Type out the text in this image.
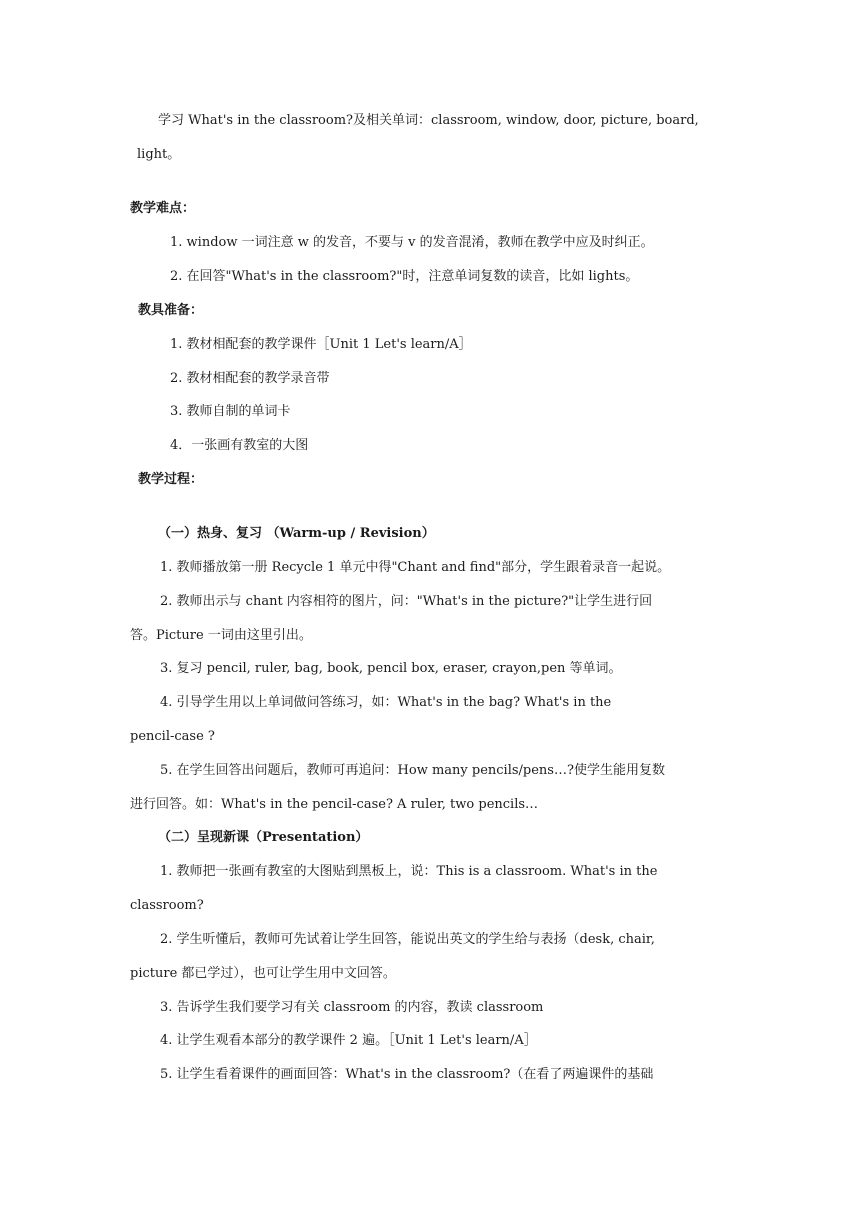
学习 What's in the classroom?及相关单词：classroom, window, door, picture, board,
light。
教学难点：
1. window 一词注意 w 的发音，不要与 v 的发音混淆，教师在教学中应及时纠正。
2. 在回答"What's in the classroom?"时，注意单词复数的读音，比如 lights。
教具准备：
1. 教材相配套的教学课件［Unit 1 Let's learn/A］
2. 教材相配套的教学录音带
3. 教师自制的单词卡
4．一张画有教室的大图
教学过程：
（一）热身、复习 （Warm-up / Revision）
1. 教师播放第一册 Recycle 1 单元中得"Chant and find"部分，学生跟着录音一起说。
2. 教师出示与 chant 内容相符的图片，问："What's in the picture?"让学生进行回
答。Picture 一词由这里引出。
3. 复习 pencil, ruler, bag, book, pencil box, eraser, crayon,pen 等单词。
4. 引导学生用以上单词做问答练习，如：What's in the bag? What's in the
pencil-case ?
5. 在学生回答出问题后，教师可再追问：How many pencils/pens…?使学生能用复数
进行回答。如：What's in the pencil-case? A ruler, two pencils…
（二）呈现新课（Presentation）
1. 教师把一张画有教室的大图贴到黑板上，说：This is a classroom. What's in the
classroom?
2. 学生听懂后，教师可先试着让学生回答，能说出英文的学生给与表扬（desk, chair,
picture 都已学过），也可让学生用中文回答。
3. 告诉学生我们要学习有关 classroom 的内容，教读 classroom
4. 让学生观看本部分的教学课件 2 遍。［Unit 1 Let's learn/A］
5. 让学生看着课件的画面回答：What's in the classroom?（在看了两遍课件的基础
